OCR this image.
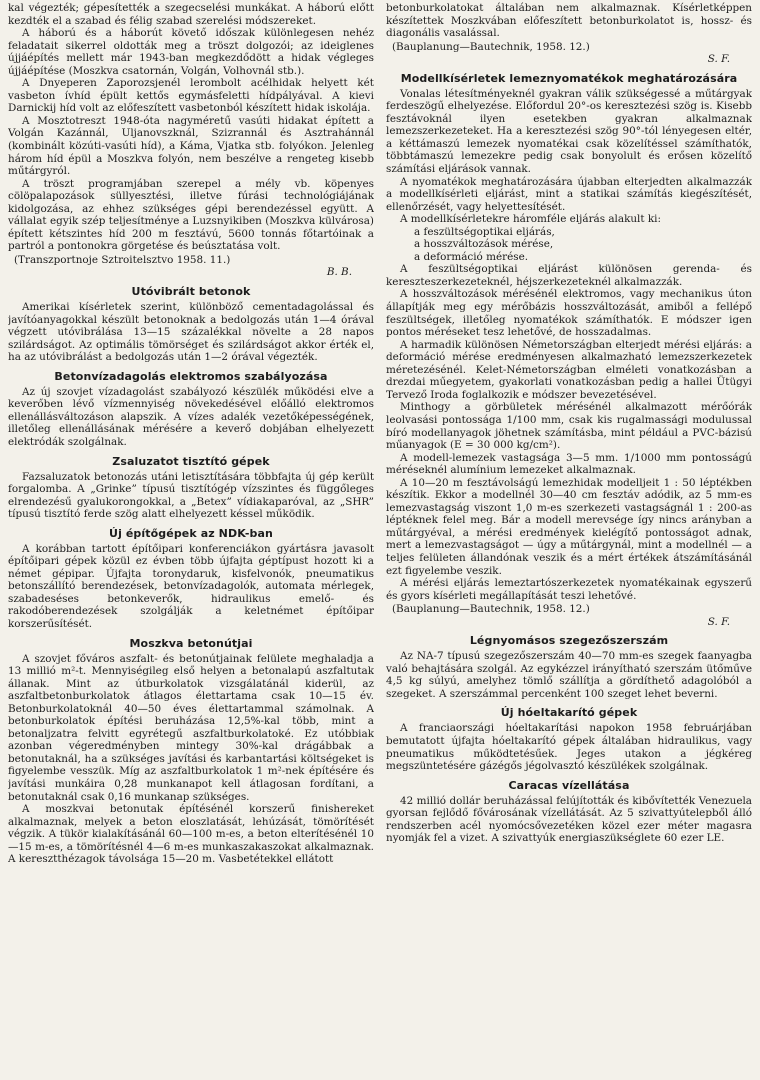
kal végezték; gépesítették a szegecselési munkákat. A háború előtt kezdték el a szabad és félig szabad szerelési módszereket.

A háború és a háborút követő időszak különlegesen nehéz feladatait sikerrel oldották meg a tröszt dolgozói; az ideiglenes újjáépítés mellett már 1943-ban megkezdődött a hidak végleges újjáépítése (Moszkva csatornán, Volgán, Volhovnál stb.).

A Dnyeperen Zaporozsjenél lerombolt acélhidak helyett két vasbeton ívhíd épült kettős egymásfeletti hídpályával. A kievi Darnickij híd volt az előfeszített vasbetonból készített hidak iskolája.

A Mosztotreszt 1948-óta nagyméretű vasúti hidakat épített a Volgán Kazánnál, Uljanovszknál, Szizrannál és Asztrahánnál (kombinált közúti-vasúti híd), a Káma, Vjatka stb. folyókon. Jelenleg három híd épül a Moszkva folyón, nem beszélve a rengeteg kisebb műtárgyról.

A tröszt programjában szerepel a mély vb. köpenyes cölöpalapozások süllyesztési, illetve fúrási technológiájának kidolgozása, az ehhez szükséges gépi berendezéssel együtt. A vállalat egyik szép teljesítménye a Luzsnyikiben (Moszkva külvárosa) épített kétszintes híd 200 m fesztávú, 5600 tonnás főtartóinak a partról a pontonokra görgetése és beúsztatása volt.

(Transzportnoje Sztroitelsztvo 1958. 11.)

B. B.
Utóvibrált betonok

Amerikai kísérletek szerint, különböző cementadagolással és javítóanyagokkal készült betonoknak a bedolgozás után 1—4 órával végzett utóvibrálása 13—15 százalékkal növelte a 28 napos szilárdságot. Az optimális tömörséget és szilárdságot akkor érték el, ha az utóvibrálást a bedolgozás után 1—2 órával végezték.

Betonvízadagolás elektromos szabályozása

Az új szovjet vízadagolást szabályozó készülék működési elve a keverőben lévő vízmennyiség növekedésével előálló elektromos ellenállásváltozáson alapszik. A vízes adalék vezetőképességének, illetőleg ellenállásának mérésére a keverő dobjában elhelyezett elektródák szolgálnak.

Zsaluzatot tisztító gépek

Fazsaluzatok betonozás utáni letisztítására többfajta új gép került forgalomba. A „Grinke” típusú tisztítógép vízszintes és függőleges elrendezésű gyalukorongokkal, a „Betex” vídiakaparóval, az „SHR” típusú tisztító ferde szög alatt elhelyezett késsel működik.

Új építőgépek az NDK-ban

A korábban tartott építőipari konferenciákon gyártásra javasolt építőipari gépek közül ez évben több újfajta géptípust hozott ki a német gépipar. Újfajta toronydaruk, kisfelvonók, pneumatikus betonszállító berendezések, betonvízadagolók, automata mérlegek, szabadeséses betonkeverők, hidraulikus emelő- és rakodóberendezések szolgálják a keletnémet építőipar korszerűsítését.

Moszkva betonútjai

A szovjet főváros aszfalt- és betonútjainak felülete meghaladja a 13 millió m²-t. Mennyiségileg első helyen a betonalapú aszfaltutak állanak. Mint az útburkolatok vizsgálatánál kiderül, az aszfaltbetonburkolatok átlagos élettartama csak 10—15 év. Betonburkolatoknál 40—50 éves élettartammal számolnak. A betonburkolatok építési beruházása 12,5%-kal több, mint a betonaljzatra felvitt egyrétegű aszfaltburkolatoké. Ez utóbbiak azonban végeredményben mintegy 30%-kal drágábbak a betonutaknál, ha a szükséges javítási és karbantartási költségeket is figyelembe vesszük. Míg az aszfaltburkolatok 1 m²-nek építésére és javítási munkáira 0,28 munkanapot kell átlagosan fordítani, a betonutaknál csak 0,16 munkanap szükséges.

A moszkvai betonutak építésénél korszerű finishereket alkalmaznak, melyek a beton eloszlatását, lehúzását, tömörítését végzik. A tükör kialakításánál 60—100 m-es, a beton elterítésénél 10—15 m-es, a tömörítésnél 4—6 m-es munkaszakaszokat alkalmaznak. A keresztthézagok távolsága 15—20 m. Vasbetétekkel ellátott

betonburkolatokat általában nem alkalmaznak. Kísérletképpen készítettek Moszkvában előfeszített betonburkolatot is, hossz- és diagonális vasalással.

(Bauplanung—Bautechnik, 1958. 12.)

S. F.
Modellkísérletek lemeznyomatékok meghatározására

Vonalas létesítményeknél gyakran válik szükségessé a műtárgyak ferdeszögű elhelyezése. Előfordul 20°-os keresztezési szög is. Kisebb fesztávoknál ilyen esetekben gyakran alkalmaznak lemezszerkezeteket. Ha a keresztezési szög 90°-tól lényegesen eltér, a kéttámaszú lemezek nyomatékai csak közelítéssel számíthatók, többtámaszú lemezekre pedig csak bonyolult és erősen közelítő számítási eljárások vannak.

A nyomatékok meghatározására újabban elterjedten alkalmazzák a modellkísérleti eljárást, mint a statikai számítás kiegészítését, ellenőrzését, vagy helyettesítését.

A modellkísérletekre háromféle eljárás alakult ki:

a feszültségoptikai eljárás,
a hosszváltozások mérése,
a deformáció mérése.

A feszültségoptikai eljárást különösen gerenda- és kereszteszerkezeteknél, héjszerkezeteknél alkalmazzák.

A hosszváltozások mérésénél elektromos, vagy mechanikus úton állapítják meg egy mérőbázis hosszváltozását, amiből a fellépő feszültségek, illetőleg nyomatékok számíthatók. E módszer igen pontos méréseket tesz lehetővé, de hosszadalmas.

A harmadik különösen Németországban elterjedt mérési eljárás: a deformáció mérése eredményesen alkalmazható lemezszerkezetek méretezésénél. Kelet-Németországban elméleti vonatkozásban a drezdai műegyetem, gyakorlati vonatkozásban pedig a hallei Ütügyi Tervező Iroda foglalkozik e módszer bevezetésével.

Minthogy a görbületek mérésénél alkalmazott mérőórák leolvasási pontossága 1/100 mm, csak kis rugalmassági modulussal bíró modellanyagok jöhetnek számításba, mint például a PVC-bázisú műanyagok (E = 30 000 kg/cm²).

A modell-lemezek vastagsága 3—5 mm. 1/1000 mm pontosságú méréseknél alumínium lemezeket alkalmaznak.

A 10—20 m fesztávolságú lemezhidak modelljeit 1 : 50 léptékben készítik. Ekkor a modellnél 30—40 cm fesztáv adódik, az 5 mm-es lemezvastagság viszont 1,0 m-es szerkezeti vastagságnál 1 : 200-as léptéknek felel meg. Bár a modell merevsége így nincs arányban a műtárgyéval, a mérési eredmények kielégítő pontosságot adnak, mert a lemezvastagságot — úgy a műtárgynál, mint a modellnél — a teljes felületen állandónak veszik és a mért értékek átszámításánál ezt figyelembe veszik.

A mérési eljárás lemeztartószerkezetek nyomatékainak egyszerű és gyors kísérleti megállapítását teszi lehetővé.

(Bauplanung—Bautechnik, 1958. 12.)

S. F.
Légnyomásos szegezőszerszám

Az NA-7 típusú szegezőszerszám 40—70 mm-es szegek faanyagba való behajtására szolgál. Az egykézzel irányítható szerszám ütőműve 4,5 kg súlyú, amelyhez tömlő szállítja a gördíthető adagolóból a szegeket. A szerszámmal percenként 100 szeget lehet beverni.

Új hóeltakarító gépek

A franciaországi hóeltakarítási napokon 1958 februárjában bemutatott újfajta hóeltakarító gépek általában hidraulikus, vagy pneumatikus működtetésűek. Jeges utakon a jégkéreg megszüntetésére gázégős jégolvasztó készülékek szolgálnak.

Caracas vízellátása

42 millió dollár beruházással felújították és kibővítették Venezuela gyorsan fejlődő fővárosának vízellátását. Az 5 szivattyútelepből álló rendszerben acél nyomócsővezetéken közel ezer méter magasra nyomják fel a vizet. A szivattyúk energiaszükséglete 60 ezer LE.
